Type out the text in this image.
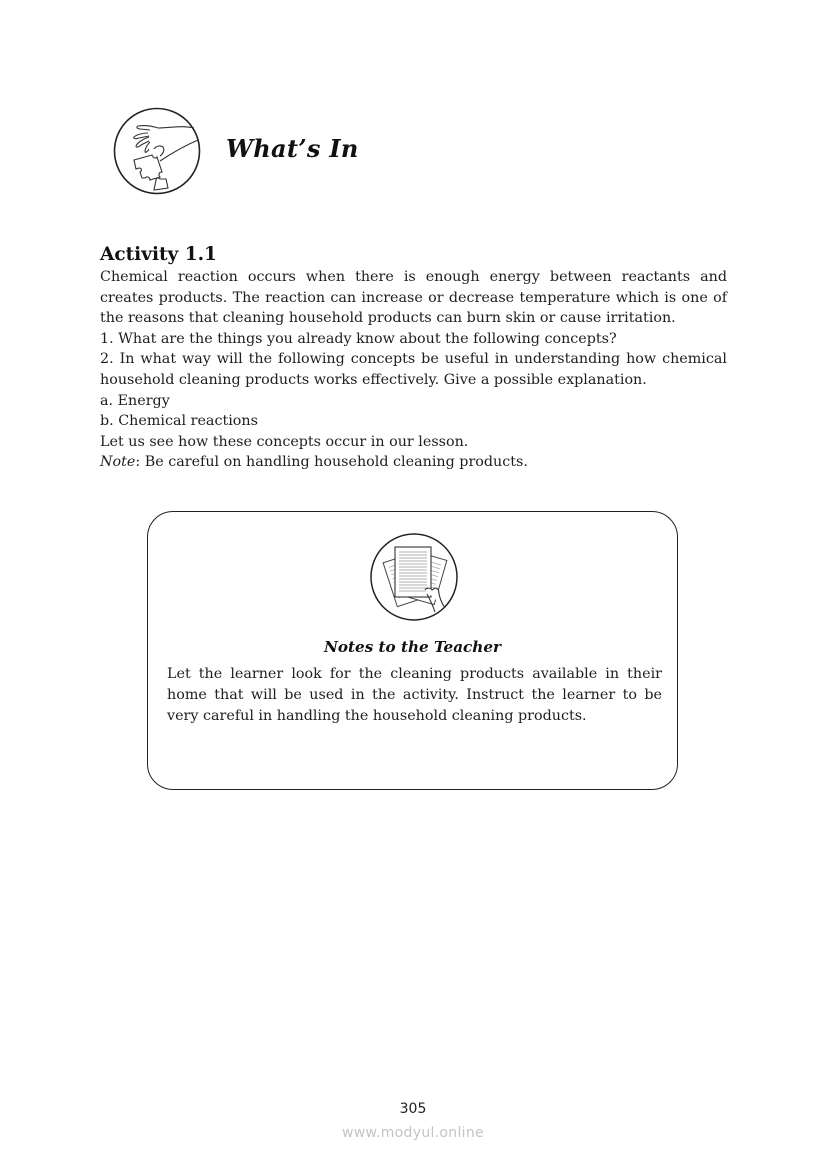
What’s In
Activity 1.1
Chemical reaction occurs when there is enough energy between reactants and
creates products. The reaction can increase or decrease temperature which is one of
the reasons that cleaning household products can burn skin or cause irritation.
1. What are the things you already know about the following concepts?
2. In what way will the following concepts be useful in understanding how chemical
household cleaning products works effectively. Give a possible explanation.
a. Energy
b. Chemical reactions
Let us see how these concepts occur in our lesson.
Note: Be careful on handling household cleaning products.
Notes to the Teacher
Let the learner look for the cleaning products available in their
home that will be used in the activity. Instruct the learner to be
very careful in handling the household cleaning products.
305
www.modyul.online
